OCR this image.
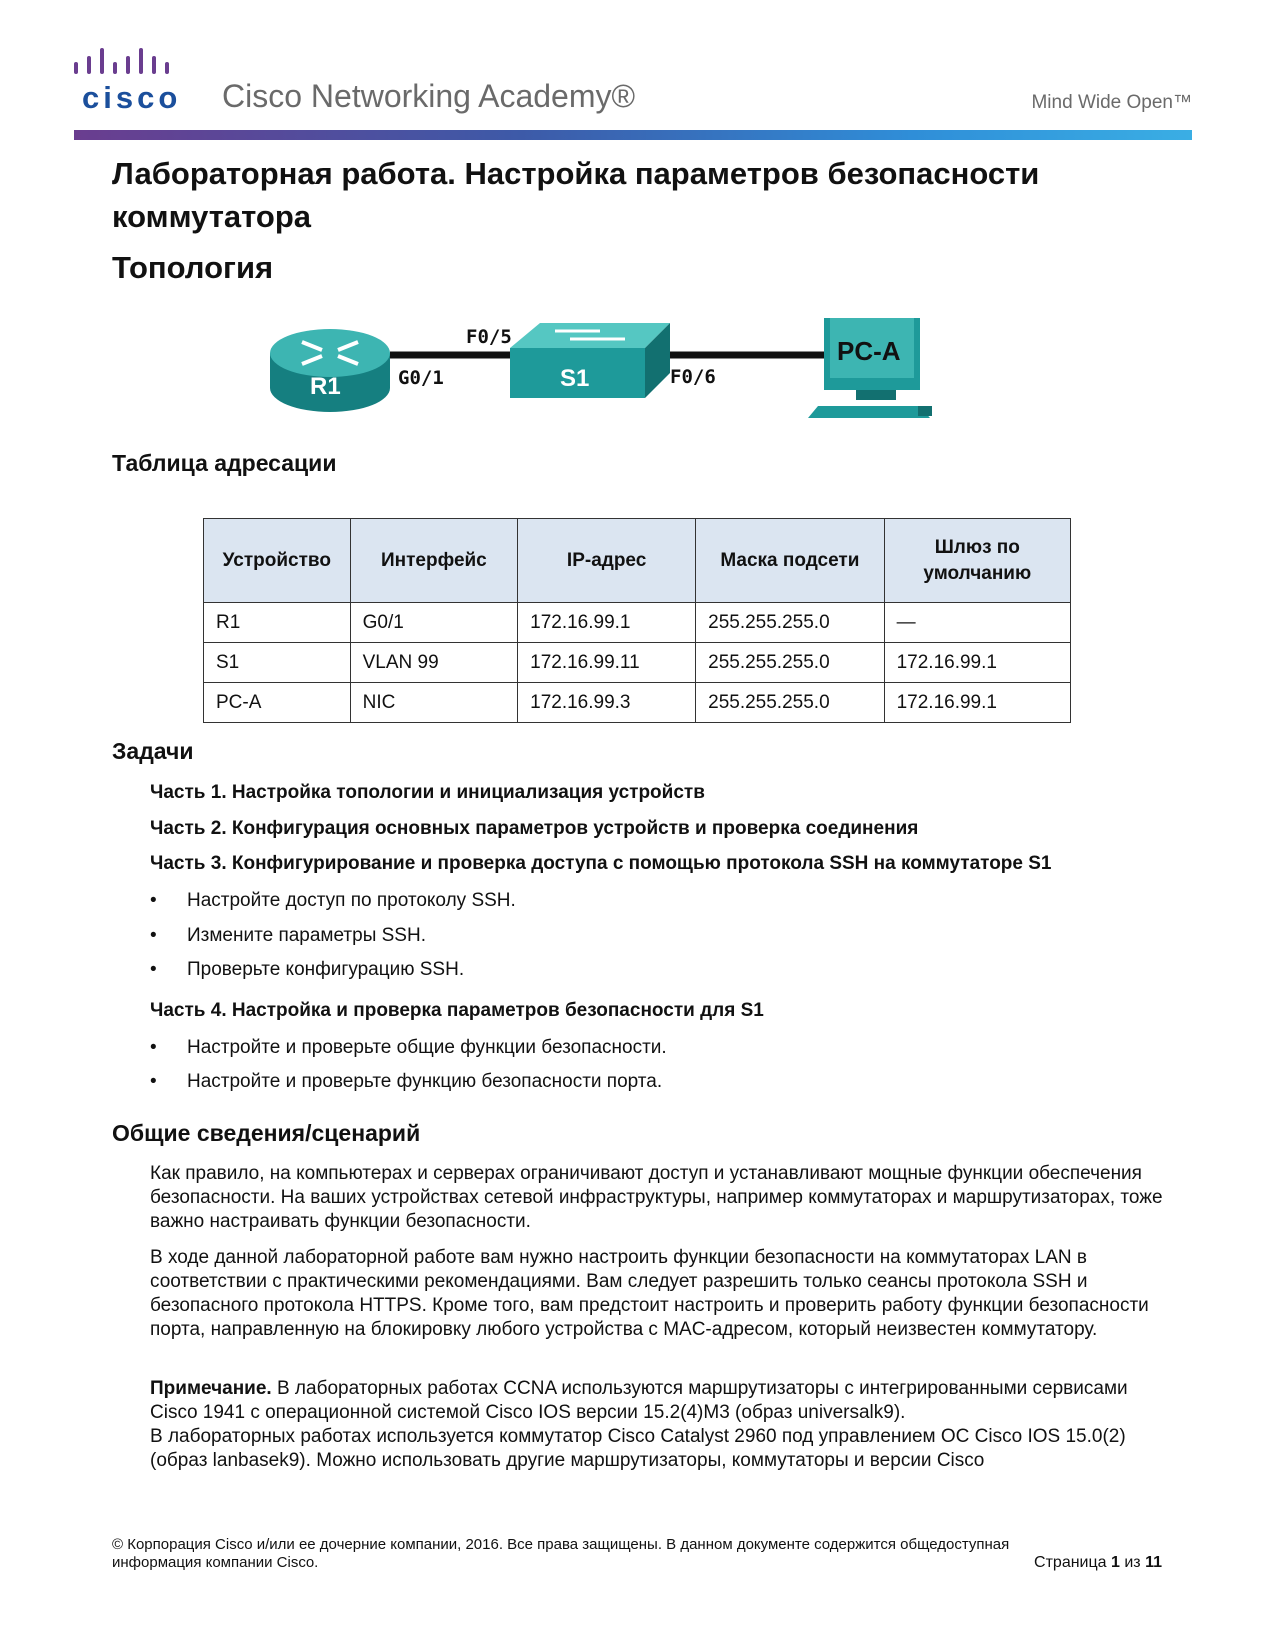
cisco Cisco Networking Academy®	Mind Wide Open™
Лабораторная работа. Настройка параметров безопасности коммутатора
Топология
R1	G0/1	S1
F0/5
F0/6
PC-A
Таблица адресации
Устройство	Интерфейс	IP-адрес	Маска подсети	Шлюз по умолчанию
R1	G0/1	172.16.99.1	255.255.255.0	—
S1	VLAN 99	172.16.99.11	255.255.255.0	172.16.99.1
PC-A	NIC	172.16.99.3	255.255.255.0	172.16.99.1
Задачи
Часть 1. Настройка топологии и инициализация устройств
Часть 2. Конфигурация основных параметров устройств и проверка соединения
Часть 3. Конфигурирование и проверка доступа с помощью протокола SSH на коммутаторе S1
• Настройте доступ по протоколу SSH.
• Измените параметры SSH.
• Проверьте конфигурацию SSH.
Часть 4. Настройка и проверка параметров безопасности для S1
• Настройте и проверьте общие функции безопасности.
• Настройте и проверьте функцию безопасности порта.
Общие сведения/сценарий

Как правило, на компьютерах и серверах ограничивают доступ и устанавливают мощные функции обеспечения безопасности. На ваших устройствах сетевой инфраструктуры, например коммутаторах и маршрутизаторах, тоже важно настраивать функции безопасности.

В ходе данной лабораторной работе вам нужно настроить функции безопасности на коммутаторах LAN в соответствии с практическими рекомендациями. Вам следует разрешить только сеансы протокола SSH и безопасного протокола HTTPS. Кроме того, вам предстоит настроить и проверить работу функции безопасности порта, направленную на блокировку любого устройства с MAC-адресом, который неизвестен коммутатору.

Примечание. В лабораторных работах CCNA используются маршрутизаторы с интегрированными сервисами Cisco 1941 с операционной системой Cisco IOS версии 15.2(4)M3 (образ universalk9).
В лабораторных работах используется коммутатор Cisco Catalyst 2960 под управлением ОС Cisco IOS 15.0(2) (образ lanbasek9). Можно использовать другие маршрутизаторы, коммутаторы и версии Cisco

© Корпорация Cisco и/или ее дочерние компании, 2016. Все права защищены. В данном документе содержится общедоступная информация компании Cisco.	Страница 1 из 11
